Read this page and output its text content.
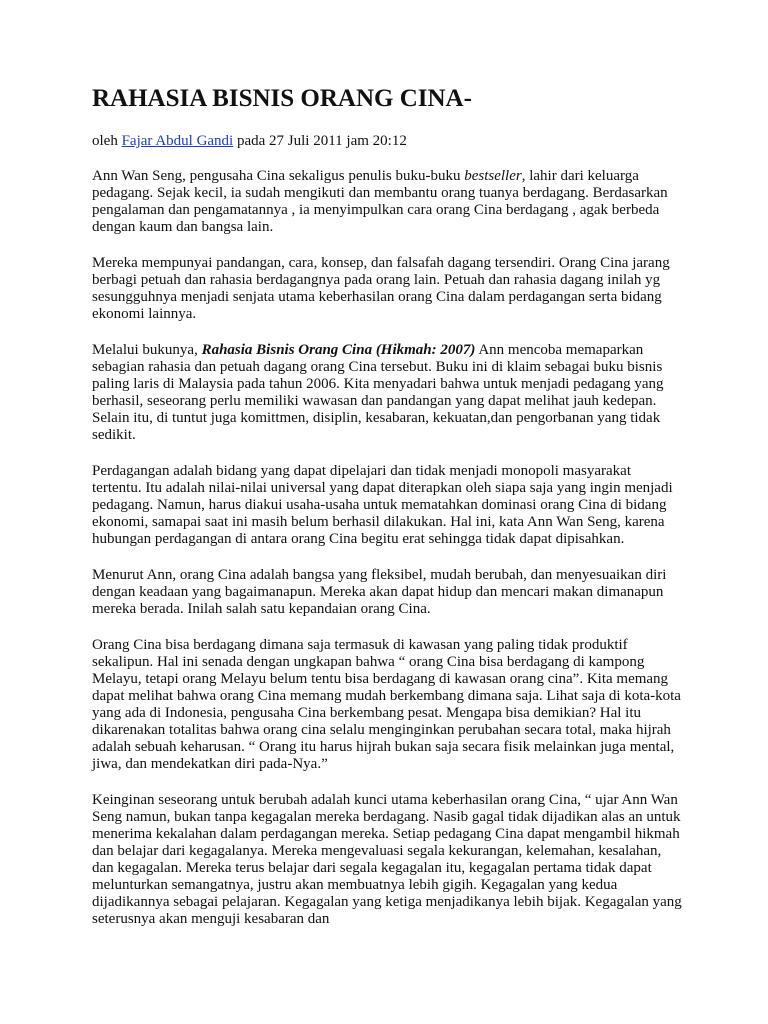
RAHASIA BISNIS ORANG CINA-
oleh Fajar Abdul Gandi pada 27 Juli 2011 jam 20:12

Ann Wan Seng, pengusaha Cina sekaligus penulis buku-buku bestseller, lahir dari keluarga pedagang. Sejak kecil, ia sudah mengikuti dan membantu orang tuanya berdagang. Berdasarkan pengalaman dan pengamatannya , ia menyimpulkan cara orang Cina berdagang , agak berbeda dengan kaum dan bangsa lain.

Mereka mempunyai pandangan, cara, konsep, dan falsafah dagang tersendiri. Orang Cina jarang berbagi petuah dan rahasia berdagangnya pada orang lain. Petuah dan rahasia dagang inilah yg sesungguhnya menjadi senjata utama keberhasilan orang Cina dalam perdagangan serta bidang ekonomi lainnya.

Melalui bukunya, Rahasia Bisnis Orang Cina (Hikmah: 2007) Ann mencoba memaparkan sebagian rahasia dan petuah dagang orang Cina tersebut. Buku ini di klaim sebagai buku bisnis paling laris di Malaysia pada tahun 2006. Kita menyadari bahwa untuk menjadi pedagang yang berhasil, seseorang perlu memiliki wawasan dan pandangan yang dapat melihat jauh kedepan. Selain itu, di tuntut juga komittmen, disiplin, kesabaran, kekuatan,dan pengorbanan yang tidak sedikit.

Perdagangan adalah bidang yang dapat dipelajari dan tidak menjadi monopoli masyarakat tertentu. Itu adalah nilai-nilai universal yang dapat diterapkan oleh siapa saja yang ingin menjadi pedagang. Namun, harus diakui usaha-usaha untuk mematahkan dominasi orang Cina di bidang ekonomi, samapai saat ini masih belum berhasil dilakukan. Hal ini, kata Ann Wan Seng, karena hubungan perdagangan di antara orang Cina begitu erat sehingga tidak dapat dipisahkan.

Menurut Ann, orang Cina adalah bangsa yang fleksibel, mudah berubah, dan menyesuaikan diri dengan keadaan yang bagaimanapun. Mereka akan dapat hidup dan mencari makan dimanapun mereka berada. Inilah salah satu kepandaian orang Cina.

Orang Cina bisa berdagang dimana saja termasuk di kawasan yang paling tidak produktif sekalipun. Hal ini senada dengan ungkapan bahwa “ orang Cina bisa berdagang di kampong Melayu, tetapi orang Melayu belum tentu bisa berdagang di kawasan orang cina”. Kita memang dapat melihat bahwa orang Cina memang mudah berkembang dimana saja. Lihat saja di kota-kota yang ada di Indonesia, pengusaha Cina berkembang pesat. Mengapa bisa demikian? Hal itu dikarenakan totalitas bahwa orang cina selalu menginginkan perubahan secara total, maka hijrah adalah sebuah keharusan. “ Orang itu harus hijrah bukan saja secara fisik melainkan juga mental, jiwa, dan mendekatkan diri pada-Nya.”

Keinginan seseorang untuk berubah adalah kunci utama keberhasilan orang Cina, “ ujar Ann Wan Seng namun, bukan tanpa kegagalan mereka berdagang. Nasib gagal tidak dijadikan alas an untuk menerima kekalahan dalam perdagangan mereka. Setiap pedagang Cina dapat mengambil hikmah dan belajar dari kegagalanya. Mereka mengevaluasi segala kekurangan, kelemahan, kesalahan, dan kegagalan. Mereka terus belajar dari segala kegagalan itu, kegagalan pertama tidak dapat melunturkan semangatnya, justru akan membuatnya lebih gigih. Kegagalan yang kedua dijadikannya sebagai pelajaran. Kegagalan yang ketiga menjadikanya lebih bijak. Kegagalan yang seterusnya akan menguji kesabaran dan
